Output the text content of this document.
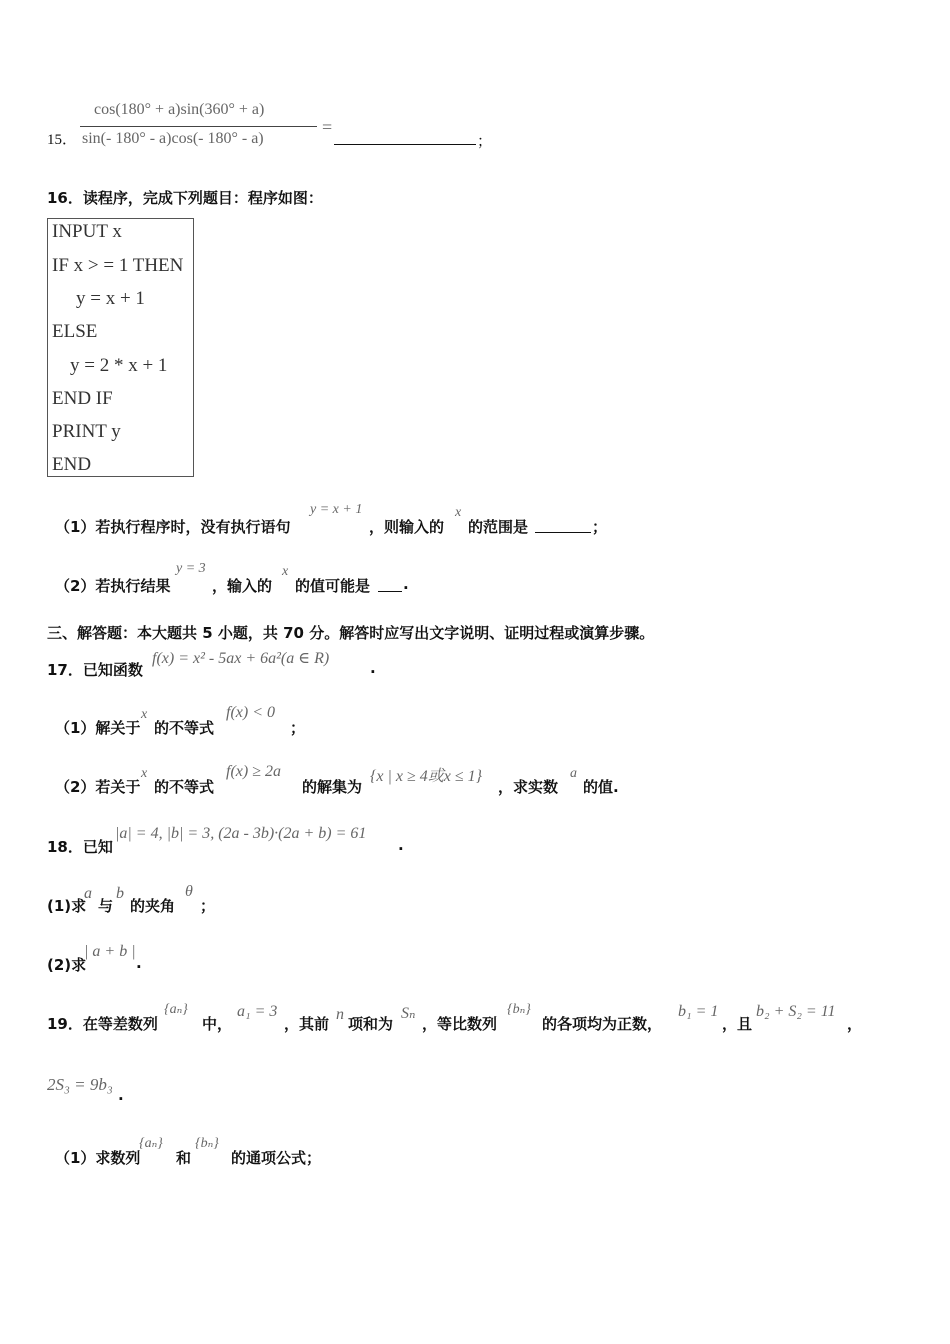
15．
cos(180° + a)sin(360° + a)
sin(- 180° - a)cos(- 180° - a)
=
；
16．读程序，完成下列题目：程序如图：
INPUT x
IF x > = 1 THEN
y = x + 1
ELSE
y = 2 * x + 1
END IF
PRINT y
END
（1）若执行程序时，没有执行语句
y = x + 1
，则输入的
x
的范围是	；
（2）若执行结果
y = 3
，输入的
x
的值可能是 .
三、解答题：本大题共 5 小题，共 70 分。解答时应写出文字说明、证明过程或演算步骤。
17．已知函数
f(x) = x² - 5ax + 6a²(a ∈ R)
.
（1）解关于
x
的不等式
f(x) < 0
；
（2）若关于
x
的不等式
f(x) ≥ 2a
的解集为
{x | x ≥ 4或x ≤ 1}
，求实数
a
的值.
18．已知
|a| = 4, |b| = 3, (2a - 3b)·(2a + b) = 61
.
(1)求
a
与
b
的夹角
θ
；
(2)求
| a + b |
.
19．在等差数列
{aₙ}
中，
a₁ = 3
，其前
n
项和为
Sₙ
，等比数列
{bₙ}
的各项均为正数，
b₁ = 1
，且
b₂ + S₂ = 11
，
2S₃ = 9b₃
.
（1）求数列
{aₙ}
和
{bₙ}
的通项公式；
